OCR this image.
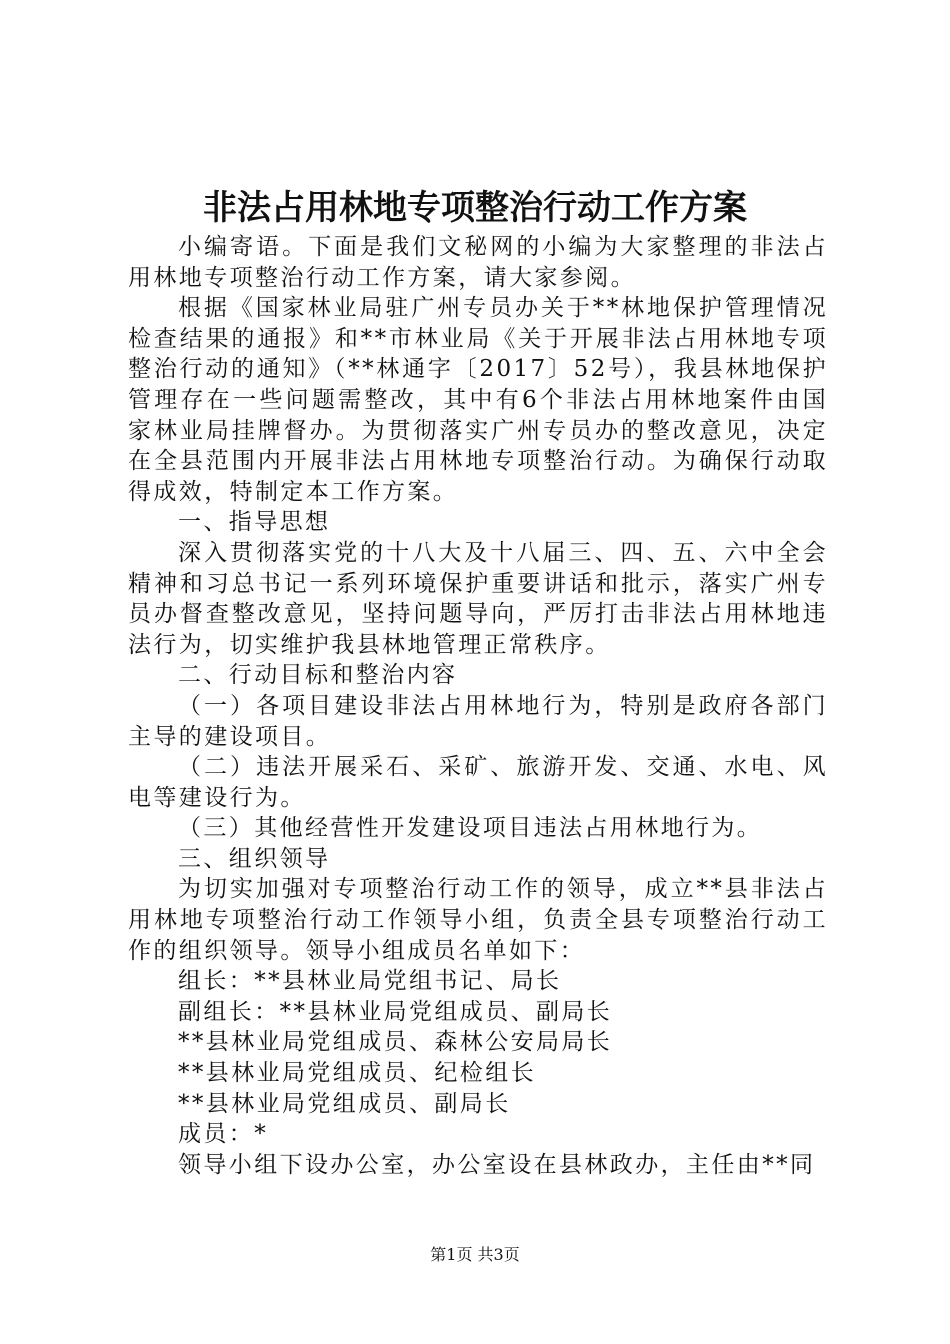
非法占用林地专项整治行动工作方案

小编寄语。下面是我们文秘网的小编为大家整理的非法占用林地专项整治行动工作方案，请大家参阅。

根据《国家林业局驻广州专员办关于**林地保护管理情况检查结果的通报》和**市林业局《关于开展非法占用林地专项整治行动的通知》（**林通字〔2017〕52号），我县林地保护管理存在一些问题需整改，其中有6个非法占用林地案件由国家林业局挂牌督办。为贯彻落实广州专员办的整改意见，决定在全县范围内开展非法占用林地专项整治行动。为确保行动取得成效，特制定本工作方案。

一、指导思想

深入贯彻落实党的十八大及十八届三、四、五、六中全会精神和习总书记一系列环境保护重要讲话和批示，落实广州专员办督查整改意见，坚持问题导向，严厉打击非法占用林地违法行为，切实维护我县林地管理正常秩序。

二、行动目标和整治内容

（一）各项目建设非法占用林地行为，特别是政府各部门主导的建设项目。

（二）违法开展采石、采矿、旅游开发、交通、水电、风电等建设行为。

（三）其他经营性开发建设项目违法占用林地行为。

三、组织领导

为切实加强对专项整治行动工作的领导，成立**县非法占用林地专项整治行动工作领导小组，负责全县专项整治行动工作的组织领导。领导小组成员名单如下：

组长：**县林业局党组书记、局长

副组长：**县林业局党组成员、副局长

**县林业局党组成员、森林公安局局长

**县林业局党组成员、纪检组长

**县林业局党组成员、副局长

成员：*

领导小组下设办公室，办公室设在县林政办，主任由**同

第1页 共3页
